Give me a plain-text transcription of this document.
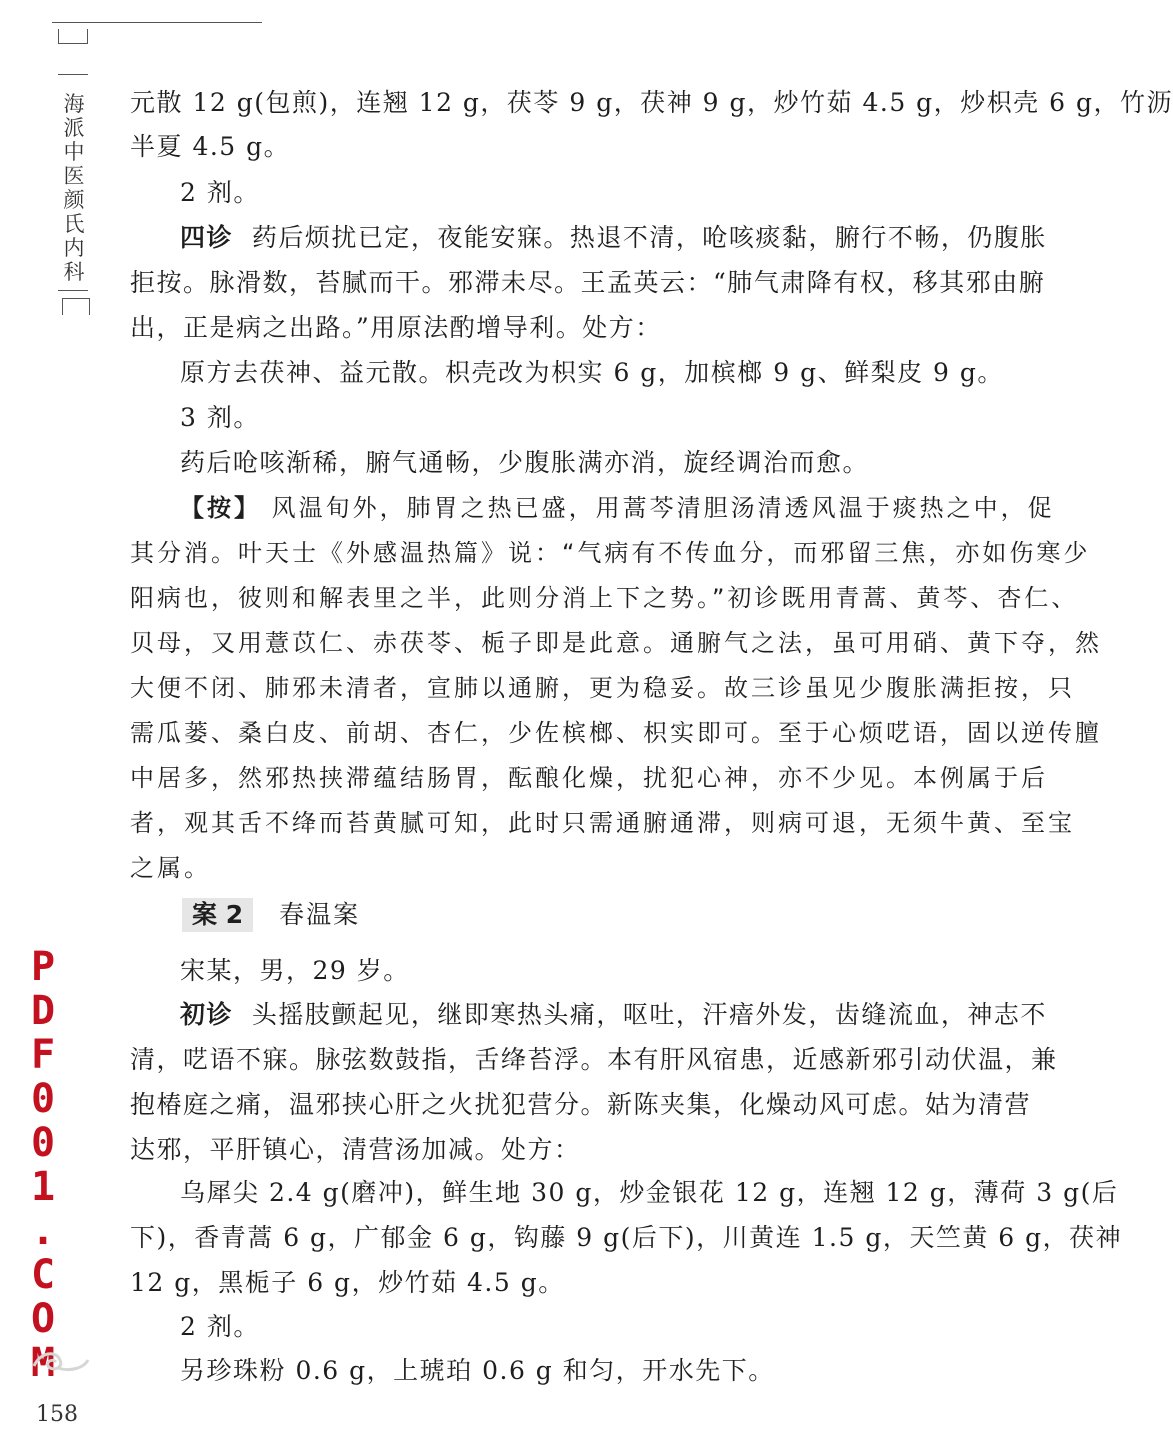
海
派
中
医
颜
氏
内
科
P
D
F
0
0
1
.
C
O
M
元散 12 g(包煎)，连翘 12 g，茯苓 9 g，茯神 9 g，炒竹茹 4.5 g，炒枳壳 6 g，竹沥
半夏 4.5 g。
2 剂。
四诊 药后烦扰已定，夜能安寐。热退不清，呛咳痰黏，腑行不畅，仍腹胀
拒按。脉滑数，苔腻而干。邪滞未尽。王孟英云：“肺气肃降有权，移其邪由腑
出，正是病之出路。”用原法酌增导利。处方：
原方去茯神、益元散。枳壳改为枳实 6 g，加槟榔 9 g、鲜梨皮 9 g。
3 剂。
药后呛咳渐稀，腑气通畅，少腹胀满亦消，旋经调治而愈。
【按】 风温旬外，肺胃之热已盛，用蒿芩清胆汤清透风温于痰热之中，促
其分消。叶天士《外感温热篇》说：“气病有不传血分，而邪留三焦，亦如伤寒少
阳病也，彼则和解表里之半，此则分消上下之势。”初诊既用青蒿、黄芩、杏仁、
贝母，又用薏苡仁、赤茯苓、栀子即是此意。通腑气之法，虽可用硝、黄下夺，然
大便不闭、肺邪未清者，宣肺以通腑，更为稳妥。故三诊虽见少腹胀满拒按，只
需瓜蒌、桑白皮、前胡、杏仁，少佐槟榔、枳实即可。至于心烦呓语，固以逆传膻
中居多，然邪热挟滞蕴结肠胃，酝酿化燥，扰犯心神，亦不少见。本例属于后
者，观其舌不绛而苔黄腻可知，此时只需通腑通滞，则病可退，无须牛黄、至宝
之属。
案 2 春温案
宋某，男，29 岁。
初诊 头摇肢颤起见，继即寒热头痛，呕吐，汗瘖外发，齿缝流血，神志不
清，呓语不寐。脉弦数鼓指，舌绛苔浮。本有肝风宿患，近感新邪引动伏温，兼
抱椿庭之痛，温邪挟心肝之火扰犯营分。新陈夹集，化燥动风可虑。姑为清营
达邪，平肝镇心，清营汤加减。处方：
乌犀尖 2.4 g(磨冲)，鲜生地 30 g，炒金银花 12 g，连翘 12 g，薄荷 3 g(后
下)，香青蒿 6 g，广郁金 6 g，钩藤 9 g(后下)，川黄连 1.5 g，天竺黄 6 g，茯神
12 g，黑栀子 6 g，炒竹茹 4.5 g。
2 剂。
另珍珠粉 0.6 g，上琥珀 0.6 g 和匀，开水先下。
158
